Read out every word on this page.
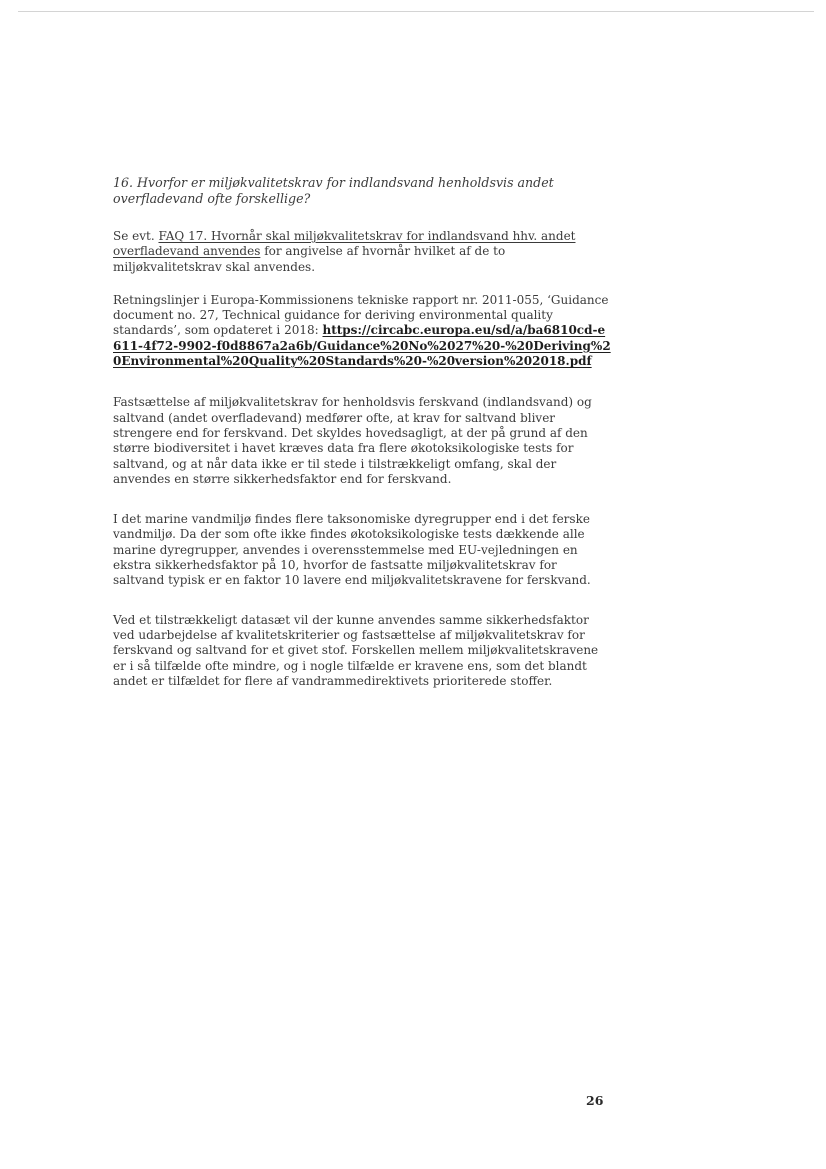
16. Hvorfor er miljøkvalitetskrav for indlandsvand henholdsvis andet overfladevand ofte forskellige?

Se evt. FAQ 17. Hvornår skal miljøkvalitetskrav for indlandsvand hhv. andet overfladevand anvendes for angivelse af hvornår hvilket af de to miljøkvalitetskrav skal anvendes.

Retningslinjer i Europa-Kommissionens tekniske rapport nr. 2011-055, ‘Guidance document no. 27, Technical guidance for deriving environmental quality standards’, som opdateret i 2018: https://circabc.europa.eu/sd/a/ba6810cd-e611-4f72-9902-f0d8867a2a6b/Guidance%20No%2027%20-%20Deriving%20Environmental%20Quality%20Standards%20-%20version%202018.pdf

Fastsættelse af miljøkvalitetskrav for henholdsvis ferskvand (indlandsvand) og saltvand (andet overfladevand) medfører ofte, at krav for saltvand bliver strengere end for ferskvand. Det skyldes hovedsagligt, at der på grund af den større biodiversitet i havet kræves data fra flere økotoksikologiske tests for saltvand, og at når data ikke er til stede i tilstrækkeligt omfang, skal der anvendes en større sikkerhedsfaktor end for ferskvand.

I det marine vandmiljø findes flere taksonomiske dyregrupper end i det ferske vandmiljø. Da der som ofte ikke findes økotoksikologiske tests dækkende alle marine dyregrupper, anvendes i overensstemmelse med EU-vejledningen en ekstra sikkerhedsfaktor på 10, hvorfor de fastsatte miljøkvalitetskrav for saltvand typisk er en faktor 10 lavere end miljøkvalitetskravene for ferskvand.

Ved et tilstrækkeligt datasæt vil der kunne anvendes samme sikkerhedsfaktor ved udarbejdelse af kvalitetskriterier og fastsættelse af miljøkvalitetskrav for ferskvand og saltvand for et givet stof. Forskellen mellem miljøkvalitetskravene er i så tilfælde ofte mindre, og i nogle tilfælde er kravene ens, som det blandt andet er tilfældet for flere af vandrammedirektivets prioriterede stoffer.

26
